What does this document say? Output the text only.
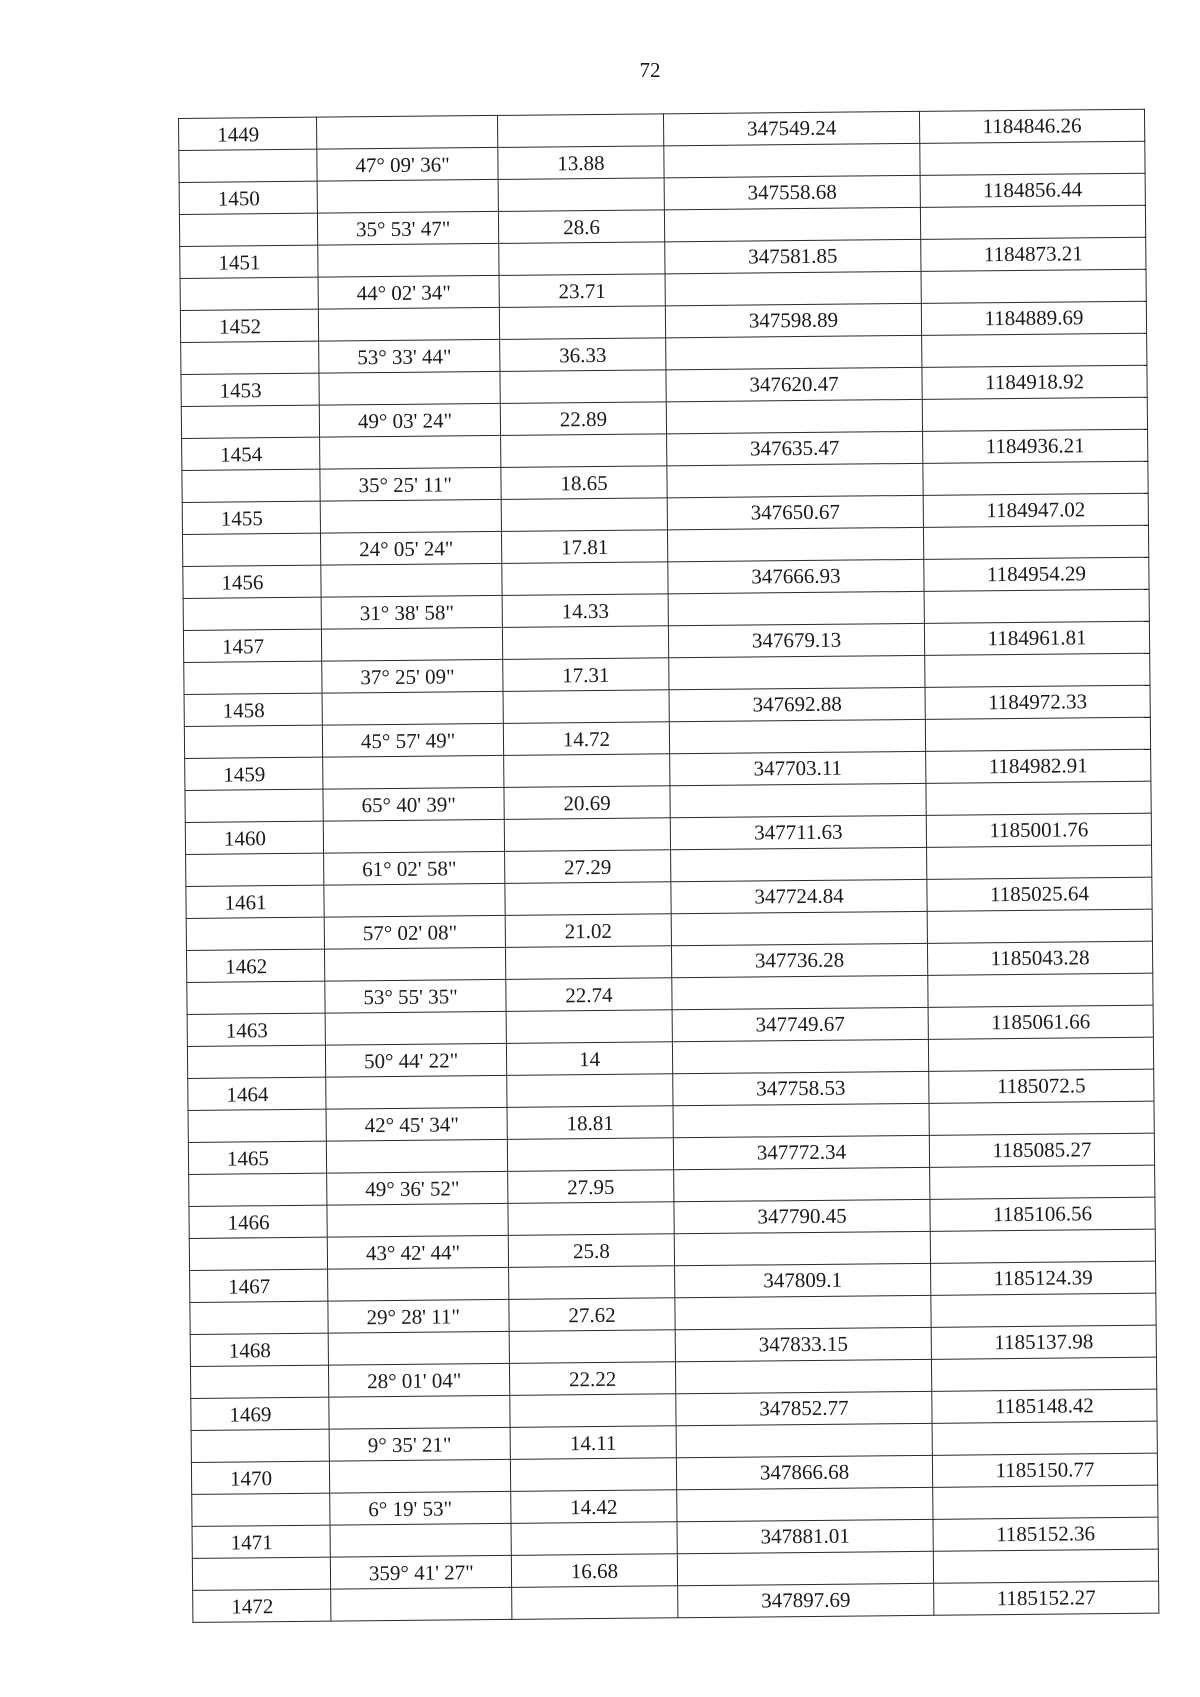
72
1449			347549.24	1184846.26
	47° 09' 36"	13.88		
1450			347558.68	1184856.44
	35° 53' 47"	28.6		
1451			347581.85	1184873.21
	44° 02' 34"	23.71		
1452			347598.89	1184889.69
	53° 33' 44"	36.33		
1453			347620.47	1184918.92
	49° 03' 24"	22.89		
1454			347635.47	1184936.21
	35° 25' 11"	18.65		
1455			347650.67	1184947.02
	24° 05' 24"	17.81		
1456			347666.93	1184954.29
	31° 38' 58"	14.33		
1457			347679.13	1184961.81
	37° 25' 09"	17.31		
1458			347692.88	1184972.33
	45° 57' 49"	14.72		
1459			347703.11	1184982.91
	65° 40' 39"	20.69		
1460			347711.63	1185001.76
	61° 02' 58"	27.29		
1461			347724.84	1185025.64
	57° 02' 08"	21.02		
1462			347736.28	1185043.28
	53° 55' 35"	22.74		
1463			347749.67	1185061.66
	50° 44' 22"	14		
1464			347758.53	1185072.5
	42° 45' 34"	18.81		
1465			347772.34	1185085.27
	49° 36' 52"	27.95		
1466			347790.45	1185106.56
	43° 42' 44"	25.8		
1467			347809.1	1185124.39
	29° 28' 11"	27.62		
1468			347833.15	1185137.98
	28° 01' 04"	22.22		
1469			347852.77	1185148.42
	9° 35' 21"	14.11		
1470			347866.68	1185150.77
	6° 19' 53"	14.42		
1471			347881.01	1185152.36
	359° 41' 27"	16.68		
1472			347897.69	1185152.27
